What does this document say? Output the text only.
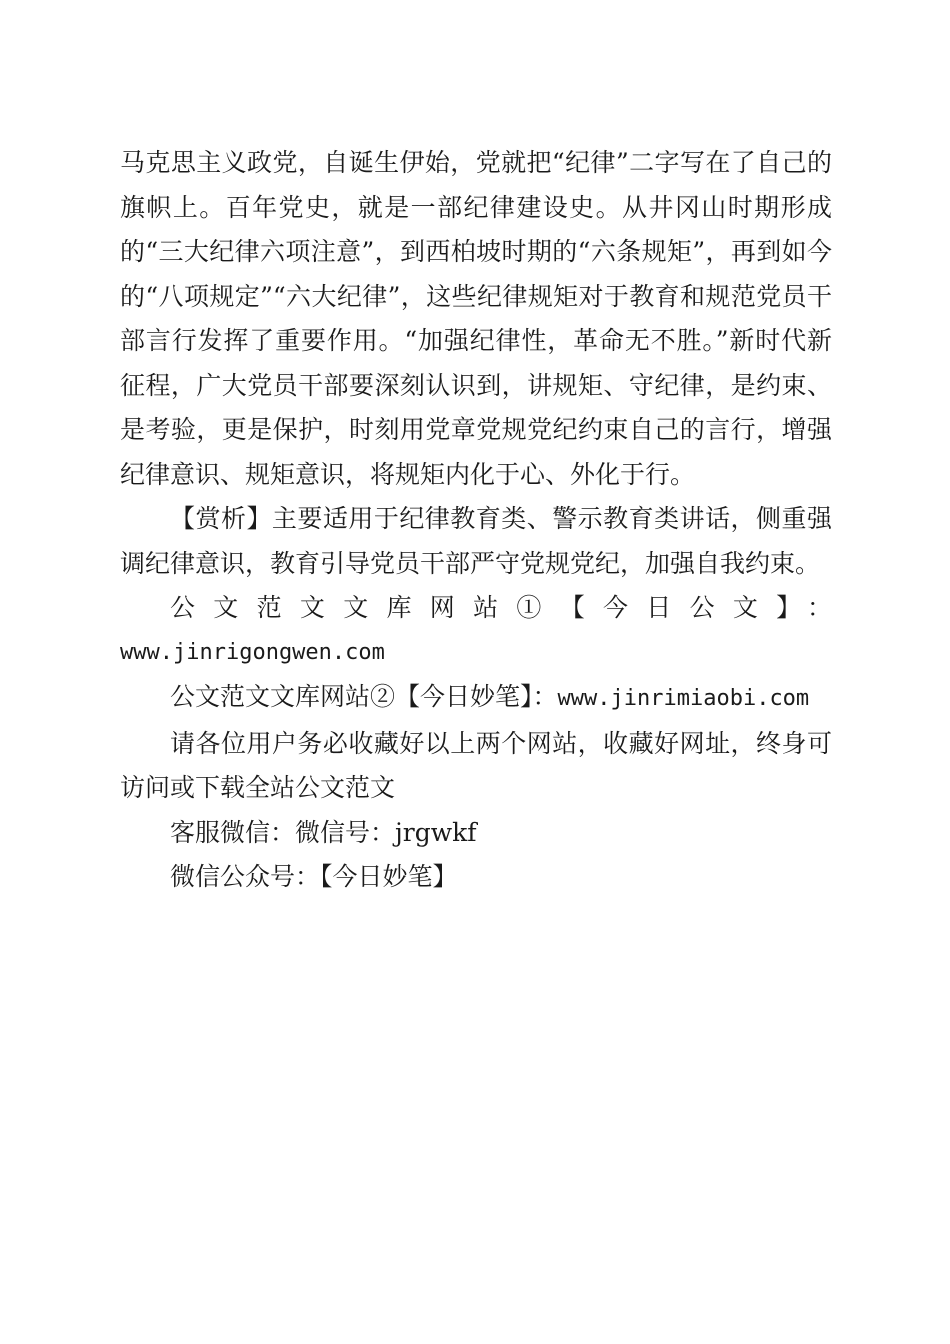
马克思主义政党，自诞生伊始，党就把“纪律”二字写在了自己的旗帜上。百年党史，就是一部纪律建设史。从井冈山时期形成的“三大纪律六项注意”，到西柏坡时期的“六条规矩”，再到如今的“八项规定”“六大纪律”，这些纪律规矩对于教育和规范党员干部言行发挥了重要作用。“加强纪律性，革命无不胜。”新时代新征程，广大党员干部要深刻认识到，讲规矩、守纪律，是约束、是考验，更是保护，时刻用党章党规党纪约束自己的言行，增强纪律意识、规矩意识，将规矩内化于心、外化于行。

【赏析】主要适用于纪律教育类、警示教育类讲话，侧重强调纪律意识，教育引导党员干部严守党规党纪，加强自我约束。

公文范文文库网站①【今日公文】：
www.jinrigongwen.com

公文范文文库网站②【今日妙笔】：www.jinrimiaobi.com

请各位用户务必收藏好以上两个网站，收藏好网址，终身可访问或下载全站公文范文

客服微信：微信号：jrgwkf

微信公众号：【今日妙笔】
